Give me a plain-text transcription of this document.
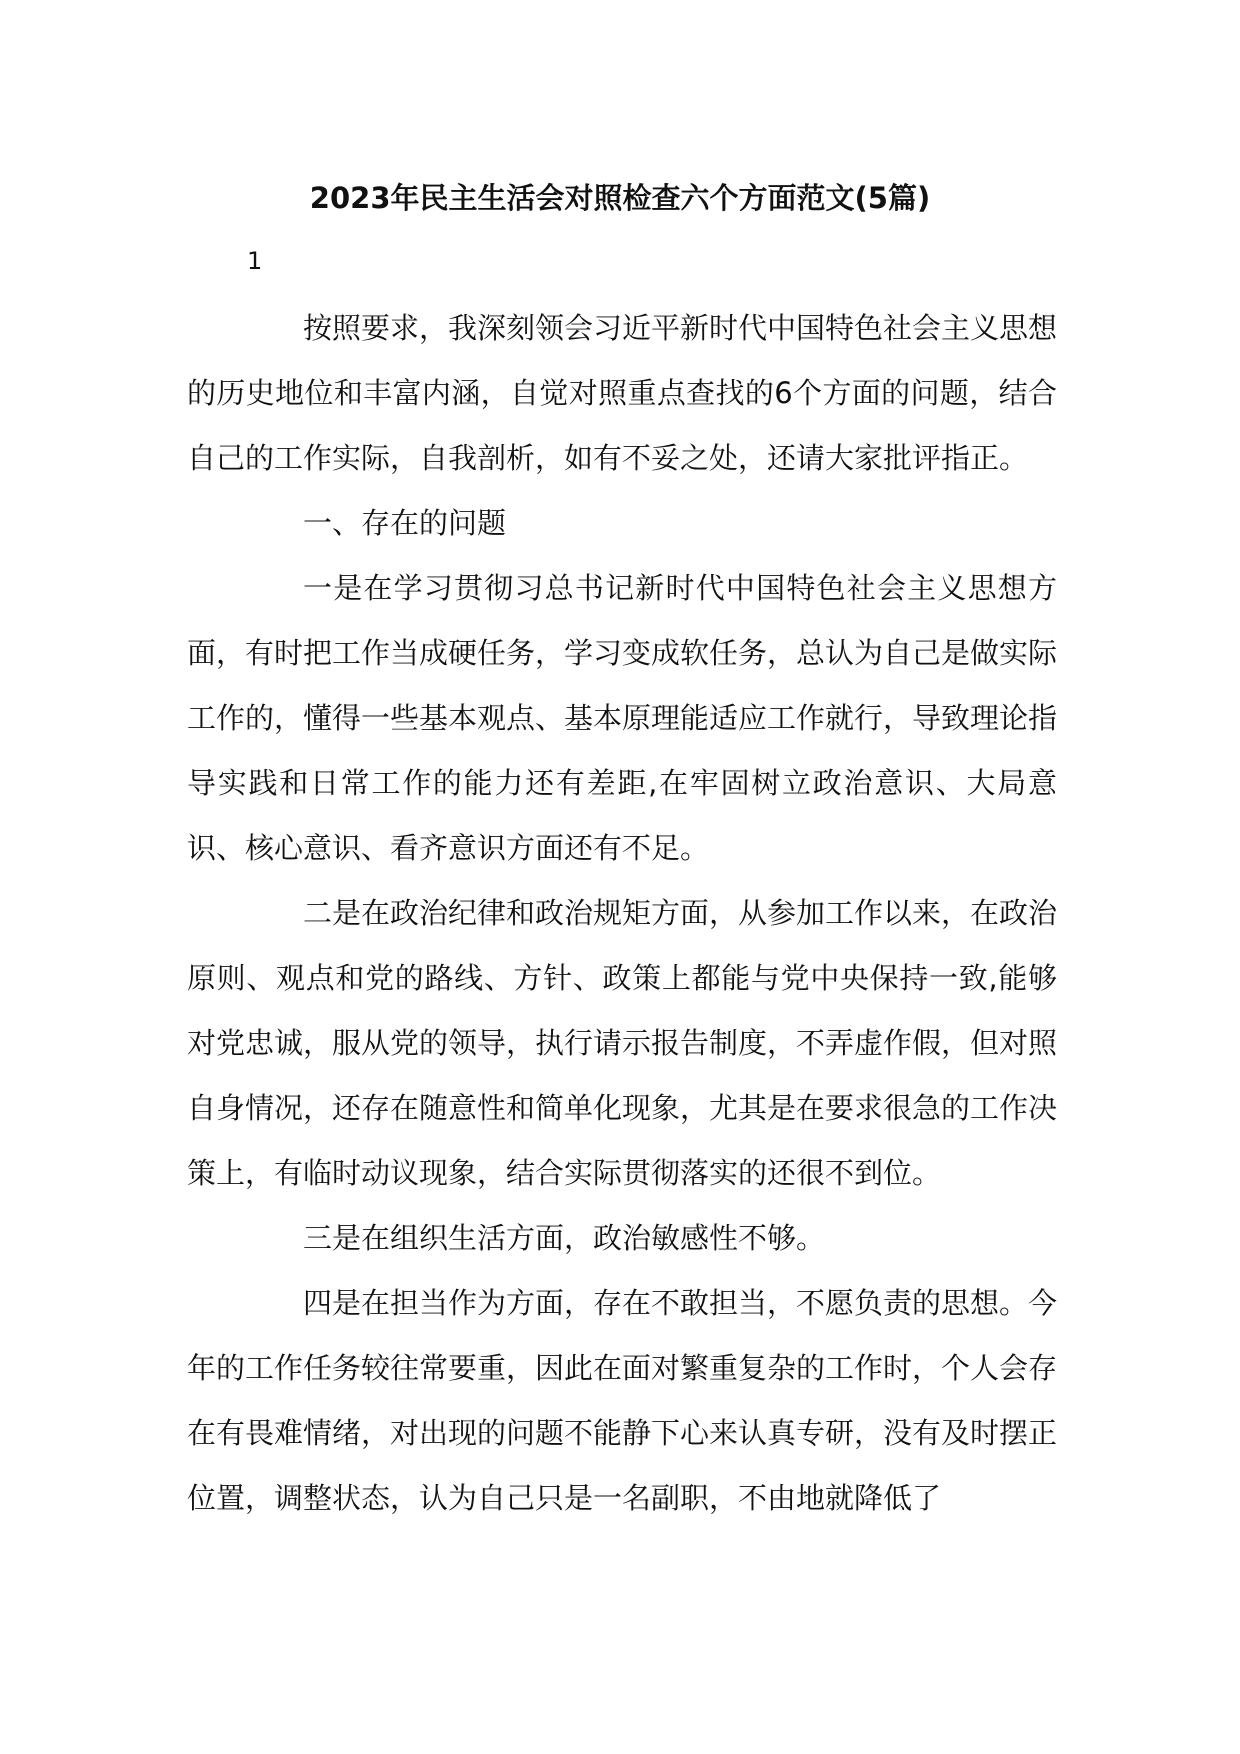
2023年民主生活会对照检查六个方面范文(5篇)
1

按照要求，我深刻领会习近平新时代中国特色社会主义思想的历史地位和丰富内涵，自觉对照重点查找的6个方面的问题，结合自己的工作实际，自我剖析，如有不妥之处，还请大家批评指正。

一、存在的问题

一是在学习贯彻习总书记新时代中国特色社会主义思想方面，有时把工作当成硬任务，学习变成软任务，总认为自己是做实际工作的，懂得一些基本观点、基本原理能适应工作就行，导致理论指导实践和日常工作的能力还有差距,在牢固树立政治意识、大局意识、核心意识、看齐意识方面还有不足。

二是在政治纪律和政治规矩方面，从参加工作以来，在政治原则、观点和党的路线、方针、政策上都能与党中央保持一致,能够对党忠诚，服从党的领导，执行请示报告制度，不弄虚作假，但对照自身情况，还存在随意性和简单化现象，尤其是在要求很急的工作决策上，有临时动议现象，结合实际贯彻落实的还很不到位。

三是在组织生活方面，政治敏感性不够。

四是在担当作为方面，存在不敢担当，不愿负责的思想。今年的工作任务较往常要重，因此在面对繁重复杂的工作时，个人会存在有畏难情绪，对出现的问题不能静下心来认真专研，没有及时摆正位置，调整状态，认为自己只是一名副职，不由地就降低了
